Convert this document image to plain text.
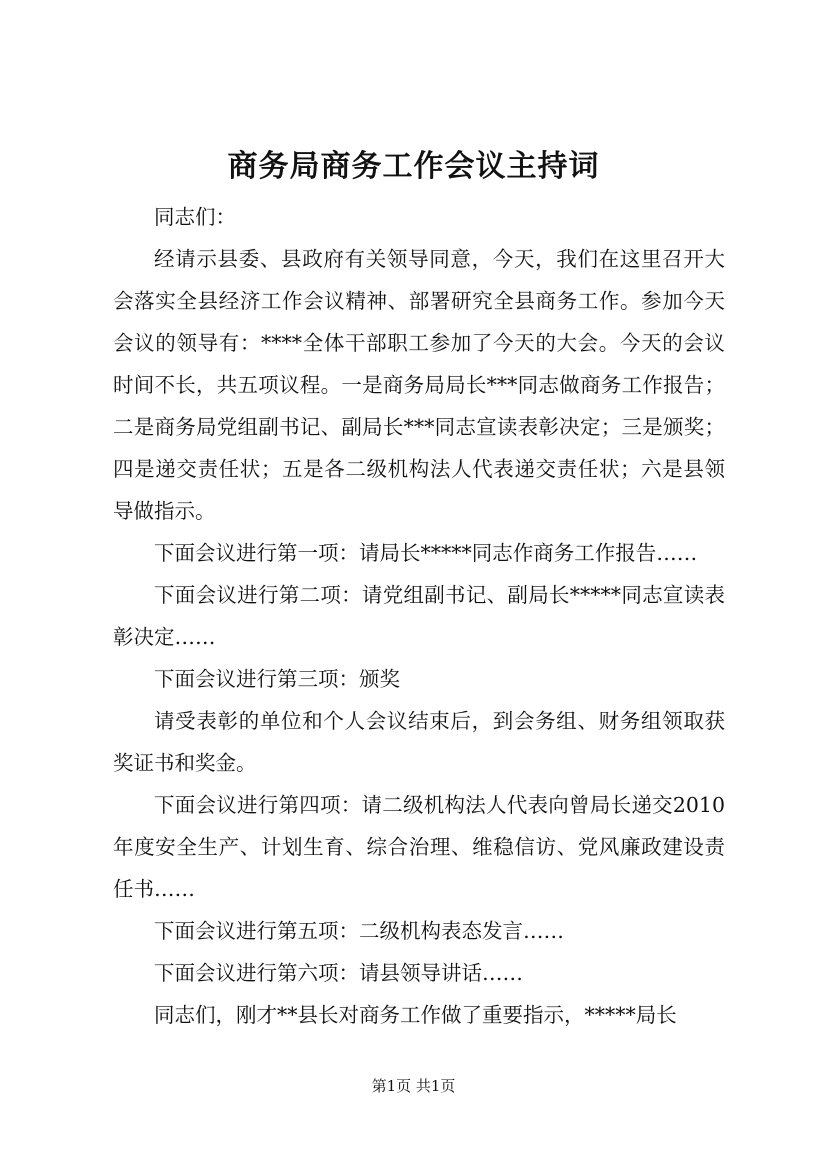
商务局商务工作会议主持词

同志们：

经请示县委、县政府有关领导同意，今天，我们在这里召开大会落实全县经济工作会议精神、部署研究全县商务工作。参加今天会议的领导有：****全体干部职工参加了今天的大会。今天的会议时间不长，共五项议程。一是商务局局长***同志做商务工作报告；二是商务局党组副书记、副局长***同志宣读表彰决定；三是颁奖；四是递交责任状；五是各二级机构法人代表递交责任状；六是县领导做指示。

下面会议进行第一项：请局长*****同志作商务工作报告……

下面会议进行第二项：请党组副书记、副局长*****同志宣读表彰决定……

下面会议进行第三项：颁奖

请受表彰的单位和个人会议结束后，到会务组、财务组领取获奖证书和奖金。

下面会议进行第四项：请二级机构法人代表向曾局长递交2010年度安全生产、计划生育、综合治理、维稳信访、党风廉政建设责任书……

下面会议进行第五项：二级机构表态发言……

下面会议进行第六项：请县领导讲话……

同志们，刚才**县长对商务工作做了重要指示，*****局长

第1页 共1页
